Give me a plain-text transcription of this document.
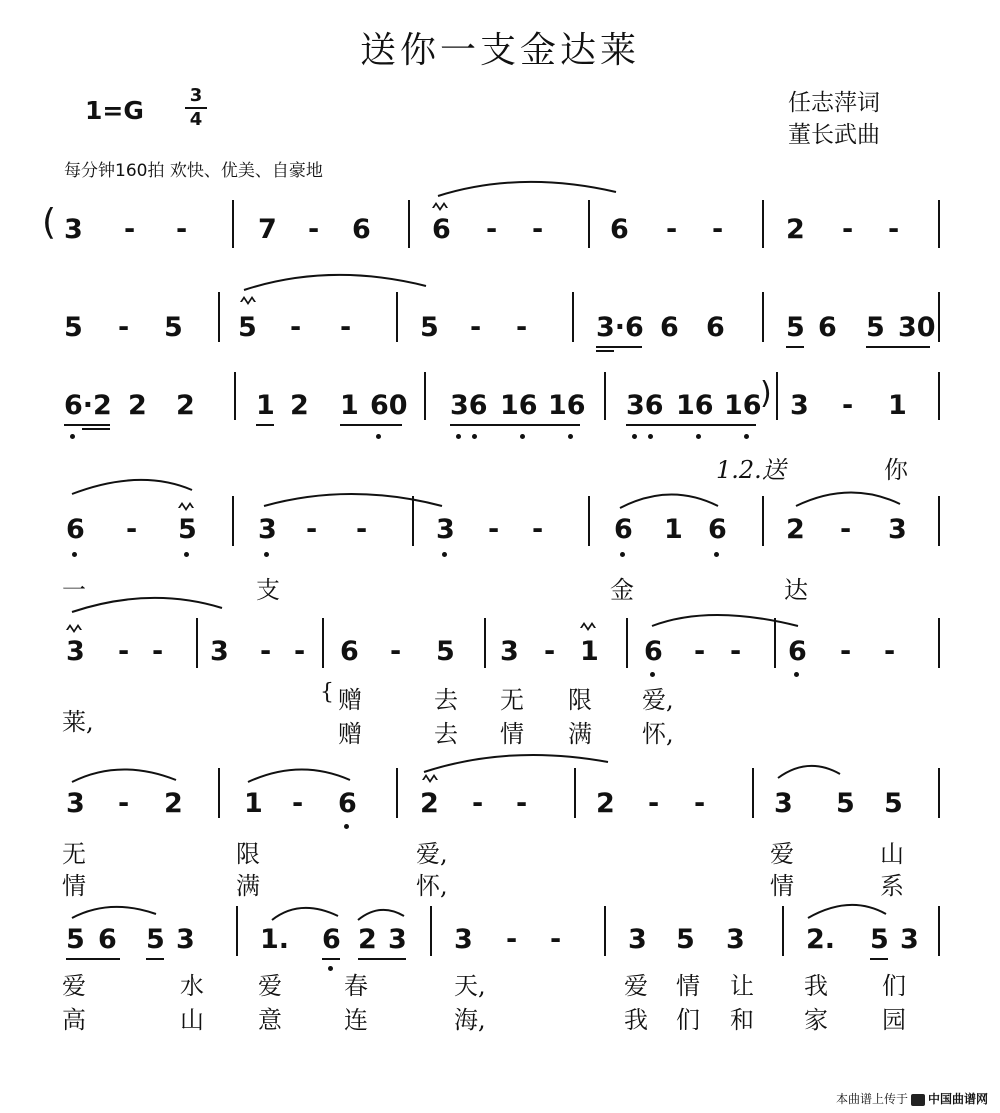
送你一支金达莱
1=G
3
4
任志萍词
董长武曲
每分钟160拍 欢快、优美、自豪地
( 3 - -	7 - 6 6 - - 6 - - 2 - -
5 - 5 5 - -	5 - -	3·6 6 6 5 6 5 30
6·2 2 2 1 2 1 60 36 16 16 36 16 16
) 3 - 1
1.2.送	你
6 - 5 3 - -	3 - -	6 1 6 2 - 3
一	支	金	达
3 - - 3 - - 6 - 5 3 - 1 6 - - 6 - -
莱,
{ 赠	去 无 限 爱,
赠	去 情 满 怀,
3 - 2 1 - 6 2 - -	2 - -	3 5 5
无	限	爱,	爱	山
情	满	怀,	情	系
5 6 5 3 1. 6 2 3 3 - - 3 5 3 2. 5 3
爱	水 爱	春	天,	爱 情 让 我 们
高	山 意	连	海,	我 们 和 家 园
本曲谱上传于 中国曲谱网
